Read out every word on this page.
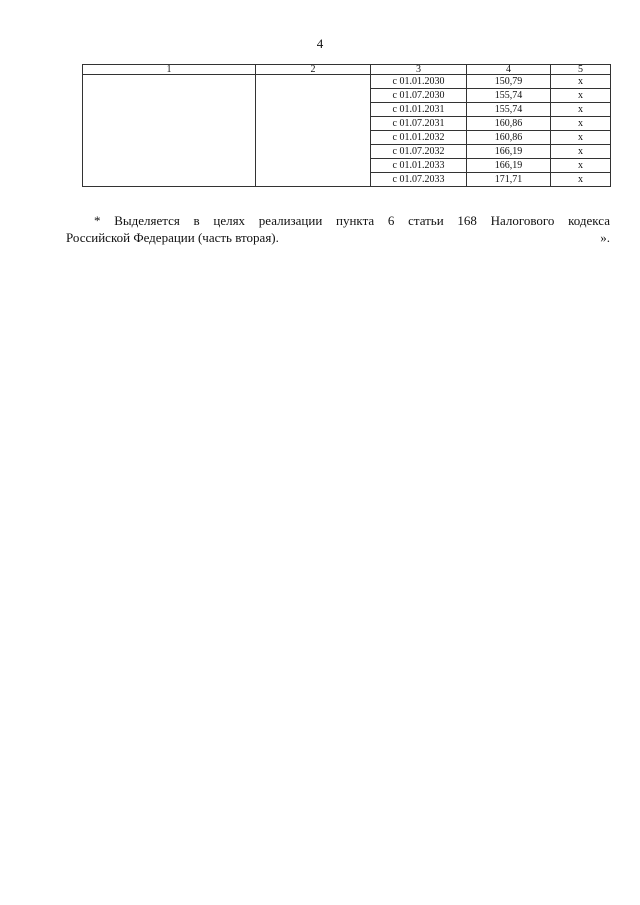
4
1	2	3	4	5
		с 01.01.2030	150,79	х
		с 01.07.2030	155,74	х
		с 01.01.2031	155,74	х
		с 01.07.2031	160,86	х
		с 01.01.2032	160,86	х
		с 01.07.2032	166,19	х
		с 01.01.2033	166,19	х
		с 01.07.2033	171,71	х
* Выделяется в целях реализации пункта 6 статьи 168 Налогового кодекса
Российской Федерации (часть вторая).	».
